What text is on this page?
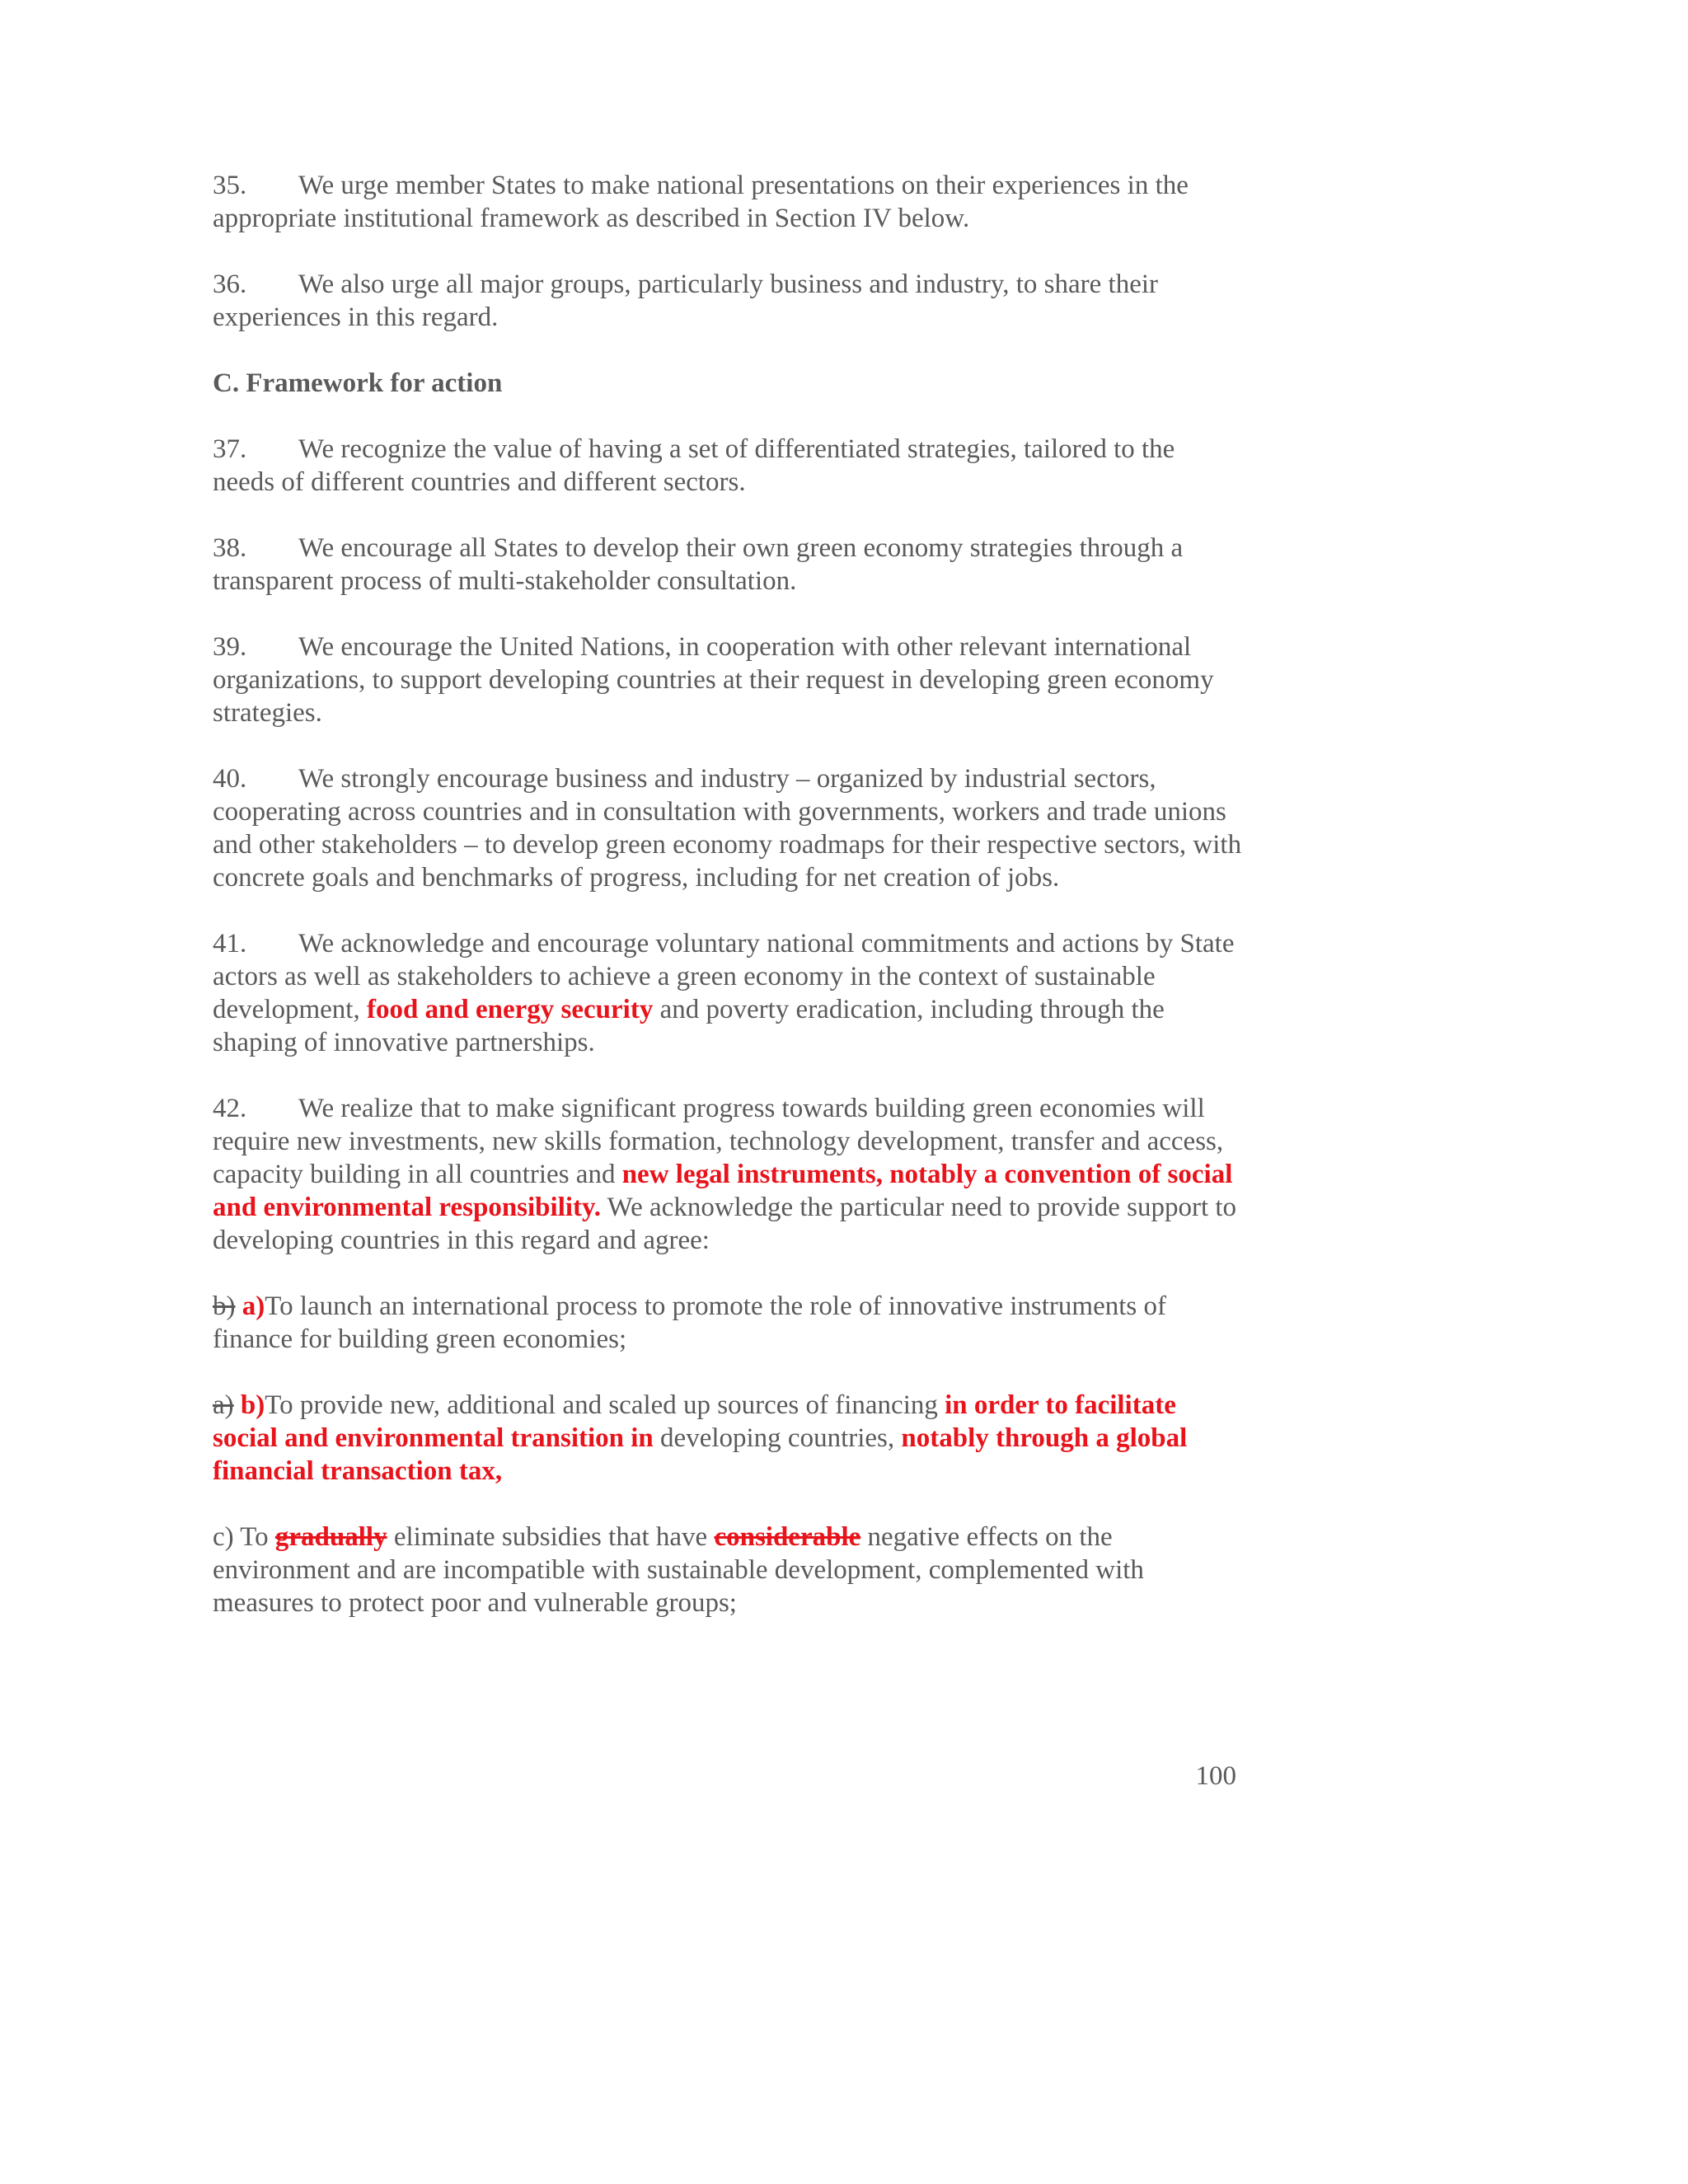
35. We urge member States to make national presentations on their experiences in the appropriate institutional framework as described in Section IV below.

36. We also urge all major groups, particularly business and industry, to share their experiences in this regard.

C. Framework for action

37. We recognize the value of having a set of differentiated strategies, tailored to the needs of different countries and different sectors.

38. We encourage all States to develop their own green economy strategies through a transparent process of multi-stakeholder consultation.

39. We encourage the United Nations, in cooperation with other relevant international organizations, to support developing countries at their request in developing green economy strategies.

40. We strongly encourage business and industry – organized by industrial sectors, cooperating across countries and in consultation with governments, workers and trade unions and other stakeholders – to develop green economy roadmaps for their respective sectors, with concrete goals and benchmarks of progress, including for net creation of jobs.

41. We acknowledge and encourage voluntary national commitments and actions by State actors as well as stakeholders to achieve a green economy in the context of sustainable development, food and energy security and poverty eradication, including through the shaping of innovative partnerships.

42. We realize that to make significant progress towards building green economies will require new investments, new skills formation, technology development, transfer and access, capacity building in all countries and new legal instruments, notably a convention of social and environmental responsibility. We acknowledge the particular need to provide support to developing countries in this regard and agree:

b) a)To launch an international process to promote the role of innovative instruments of finance for building green economies;

a) b)To provide new, additional and scaled up sources of financing in order to facilitate social and environmental transition in developing countries, notably through a global financial transaction tax,

c) To gradually eliminate subsidies that have considerable negative effects on the environment and are incompatible with sustainable development, complemented with measures to protect poor and vulnerable groups;

100
